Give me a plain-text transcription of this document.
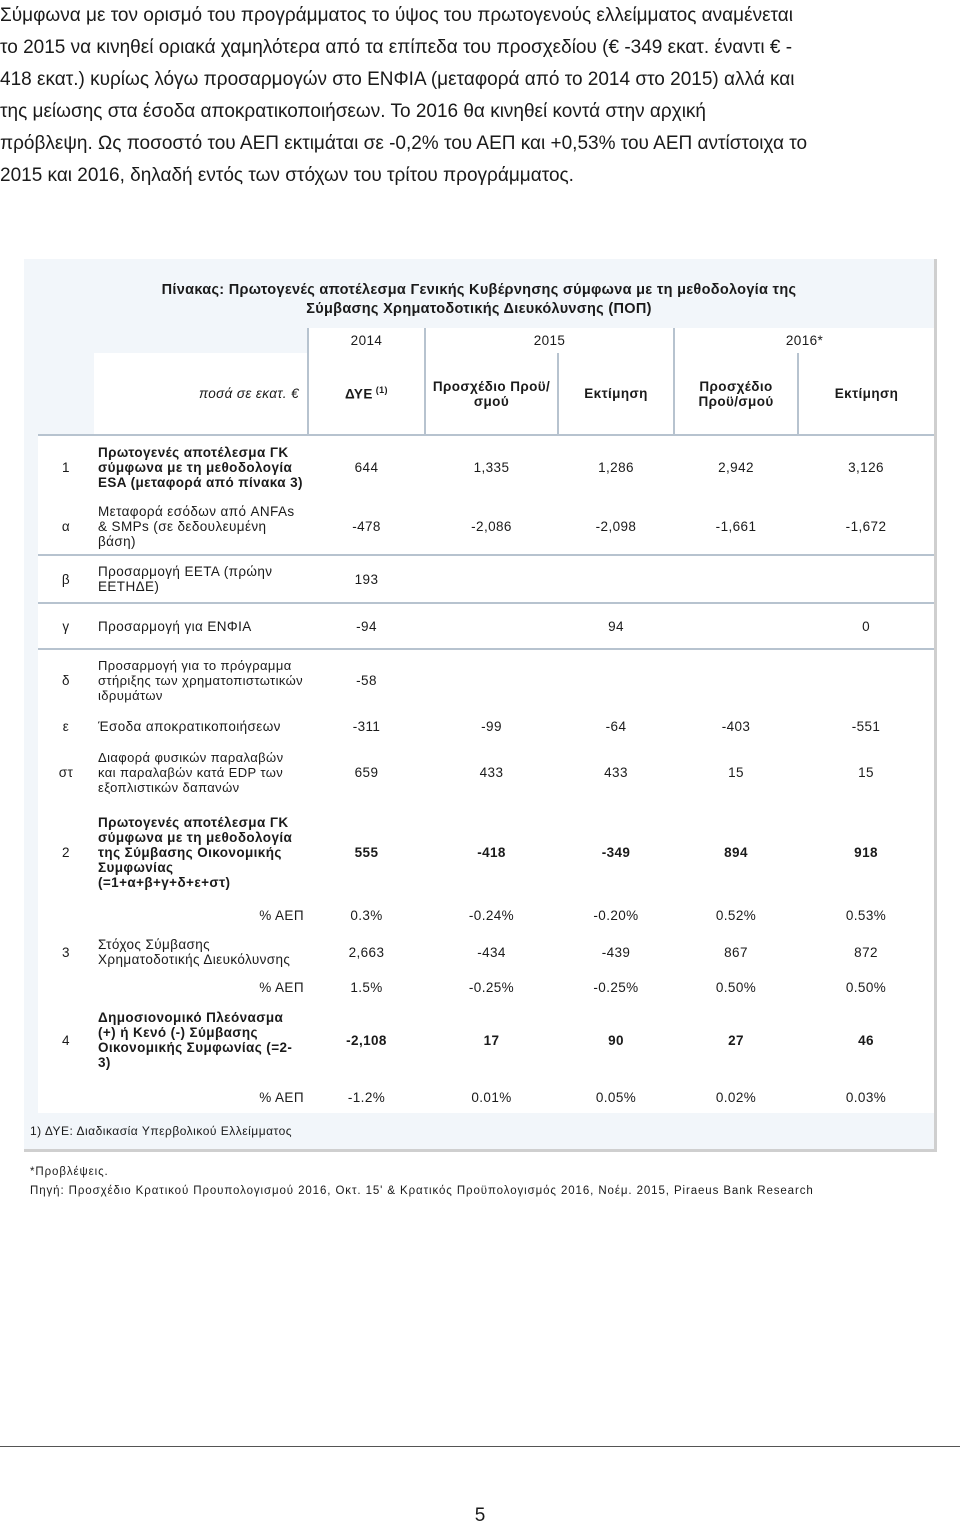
Σύμφωνα με τον ορισμό του προγράμματος το ύψος του πρωτογενούς ελλείμματος αναμένεται
το 2015 να κινηθεί οριακά χαμηλότερα από τα επίπεδα του προσχεδίου (€ -349 εκατ. έναντι € -
418 εκατ.) κυρίως λόγω προσαρμογών στο ΕΝΦΙΑ (μεταφορά από το 2014 στο 2015) αλλά και
της μείωσης στα έσοδα αποκρατικοποιήσεων. Το 2016 θα κινηθεί κοντά στην αρχική
πρόβλεψη. Ως ποσοστό του ΑΕΠ εκτιμάται σε -0,2% του ΑΕΠ και +0,53% του ΑΕΠ αντίστοιχα το
2015 και 2016, δηλαδή εντός των στόχων του τρίτου προγράμματος.
Πίνακας: Πρωτογενές αποτέλεσμα Γενικής Κυβέρνησης σύμφωνα με τη μεθοδολογία της
Σύμβασης Χρηματοδοτικής Διευκόλυνσης (ΠΟΠ)
		2014	2015		2016*	
	ποσά σε εκατ. €	ΔΥΕ $^{(1)}$	Προσχέδιο Προϋ/σμού	Εκτίμηση	Προσχέδιο Προϋ/σμού	Εκτίμηση
1	Πρωτογενές αποτέλεσμα ΓΚ σύμφωνα με τη μεθοδολογία ESA (μεταφορά από πίνακα 3)	644	1,335	1,286	2,942	3,126
α	Μεταφορά εσόδων από ANFAs & SMPs (σε δεδουλευμένη βάση)	-478	-2,086	-2,098	-1,661	-1,672
β	Προσαρμογή ΕΕΤΑ (πρώην ΕΕΤΗΔΕ)	193				
γ	Προσαρμογή για ΕΝΦΙΑ	-94		94		0
δ	Προσαρμογή για το πρόγραμμα στήριξης των χρηματοπιστωτικών ιδρυμάτων	-58				
ε	Έσοδα αποκρατικοποιήσεων	-311	-99	-64	-403	-551
στ	Διαφορά φυσικών παραλαβών και παραλαβών κατά EDP των εξοπλιστικών δαπανών	659	433	433	15	15
2	Πρωτογενές αποτέλεσμα ΓΚ σύμφωνα με τη μεθοδολογία της Σύμβασης Οικονομικής Συμφωνίας (=1+α+β+γ+δ+ε+στ)	555	-418	-349	894	918
	% ΑΕΠ	0.3%	-0.24%	-0.20%	0.52%	0.53%
3	Στόχος Σύμβασης Χρηματοδοτικής Διευκόλυνσης	2,663	-434	-439	867	872
	% ΑΕΠ	1.5%	-0.25%	-0.25%	0.50%	0.50%
4	Δημοσιονομικό Πλεόνασμα (+) ή Κενό (-) Σύμβασης Οικονομικής Συμφωνίας (=2-3)	-2,108	17	90	27	46
	% ΑΕΠ	-1.2%	0.01%	0.05%	0.02%	0.03%
1) ΔΥΕ: Διαδικασία Υπερβολικού Ελλείμματος
*Προβλέψεις.
Πηγή: Προσχέδιο Κρατικού Προυπολογισμού 2016, Οκτ. 15' & Κρατικός Προϋπολογισμός 2016, Νοέμ. 2015, Piraeus Bank Research
5
